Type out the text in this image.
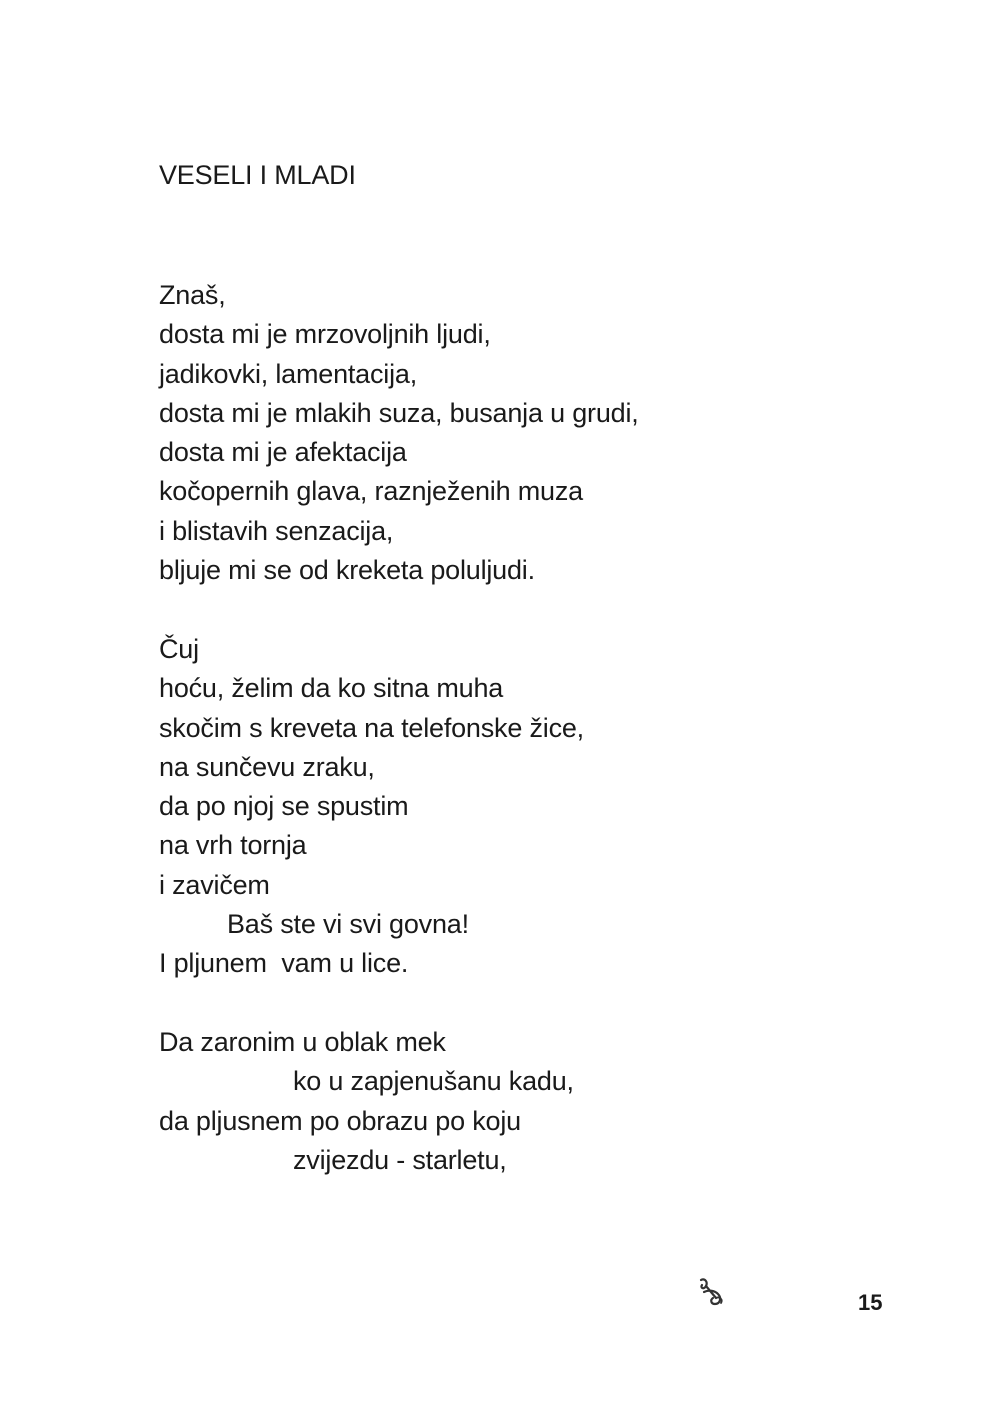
VESELI I MLADI
Znaš,
dosta mi je mrzovoljnih ljudi,
jadikovki, lamentacija,
dosta mi je mlakih suza, busanja u grudi,
dosta mi je afektacija
kočopernih glava, raznježenih muza
i blistavih senzacija,
bljuje mi se od kreketa poluljudi.
Čuj
hoću, želim da ko sitna muha
skočim s kreveta na telefonske žice,
na sunčevu zraku,
da po njoj se spustim
na vrh tornja
i zavičem
Baš ste vi svi govna!
I pljunem  vam u lice.
Da zaronim u oblak mek
ko u zapjenušanu kadu,
da pljusnem po obrazu po koju
zvijezdu - starletu,
15
